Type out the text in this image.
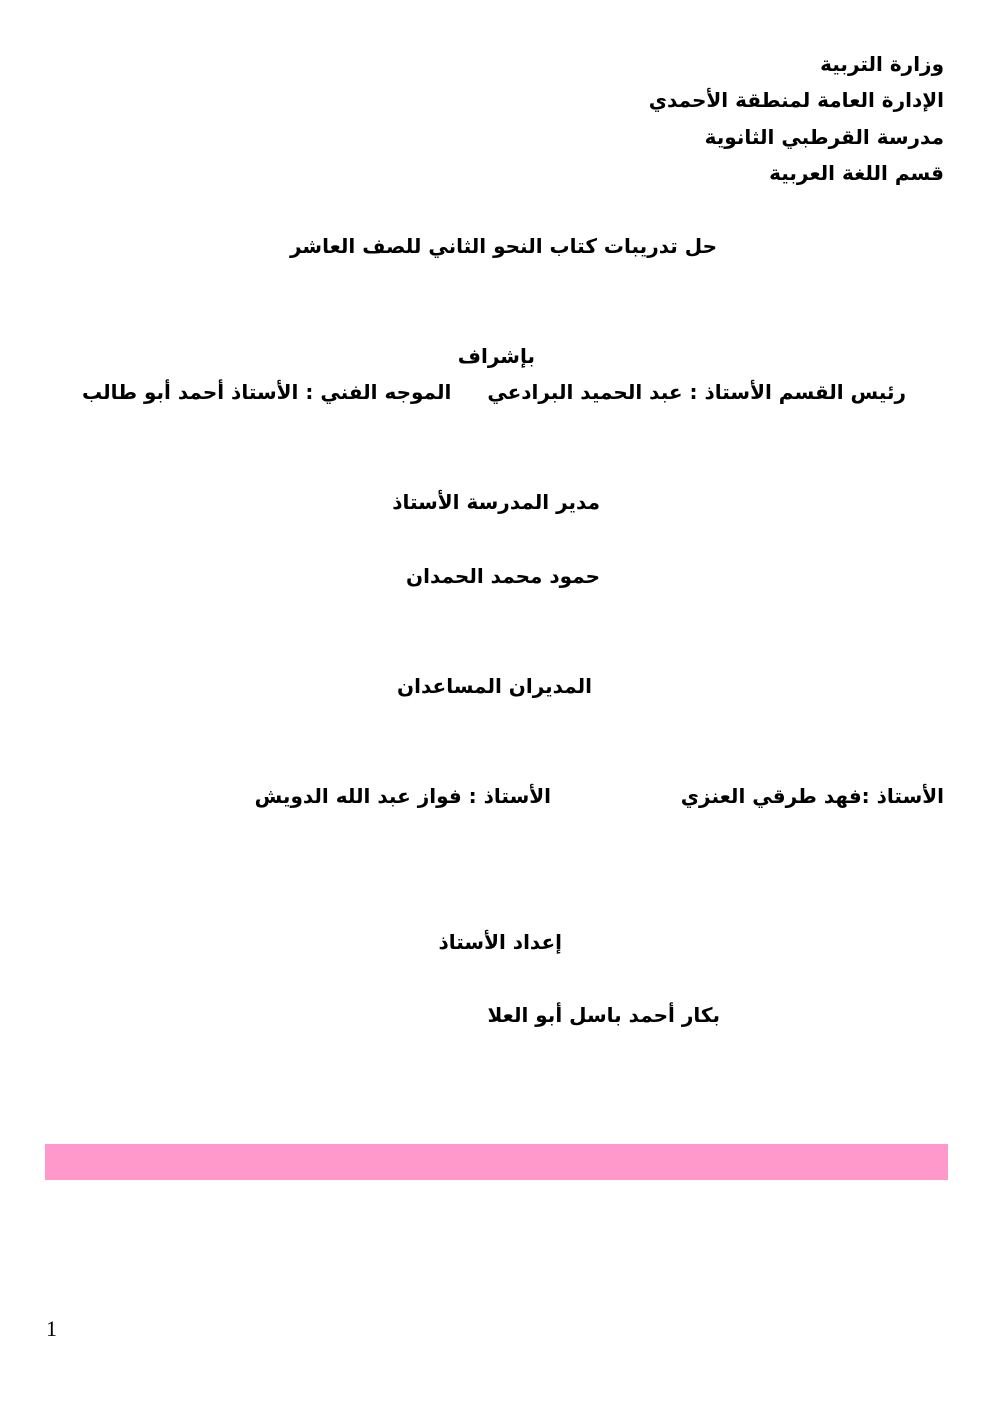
وزارة التربية
الإدارة العامة لمنطقة الأحمدي
مدرسة القرطبي الثانوية
قسم اللغة العربية
حل تدريبات كتاب النحو الثاني للصف العاشر
بإشراف
رئيس القسم الأستاذ : عبد الحميد البرادعي
الموجه الفني : الأستاذ أحمد أبو طالب
مدير المدرسة الأستاذ
حمود محمد الحمدان
المديران المساعدان
الأستاذ :فهد طرقي العنزي
الأستاذ : فواز عبد الله الدويش
إعداد الأستاذ
بكار أحمد باسل أبو العلا
1
